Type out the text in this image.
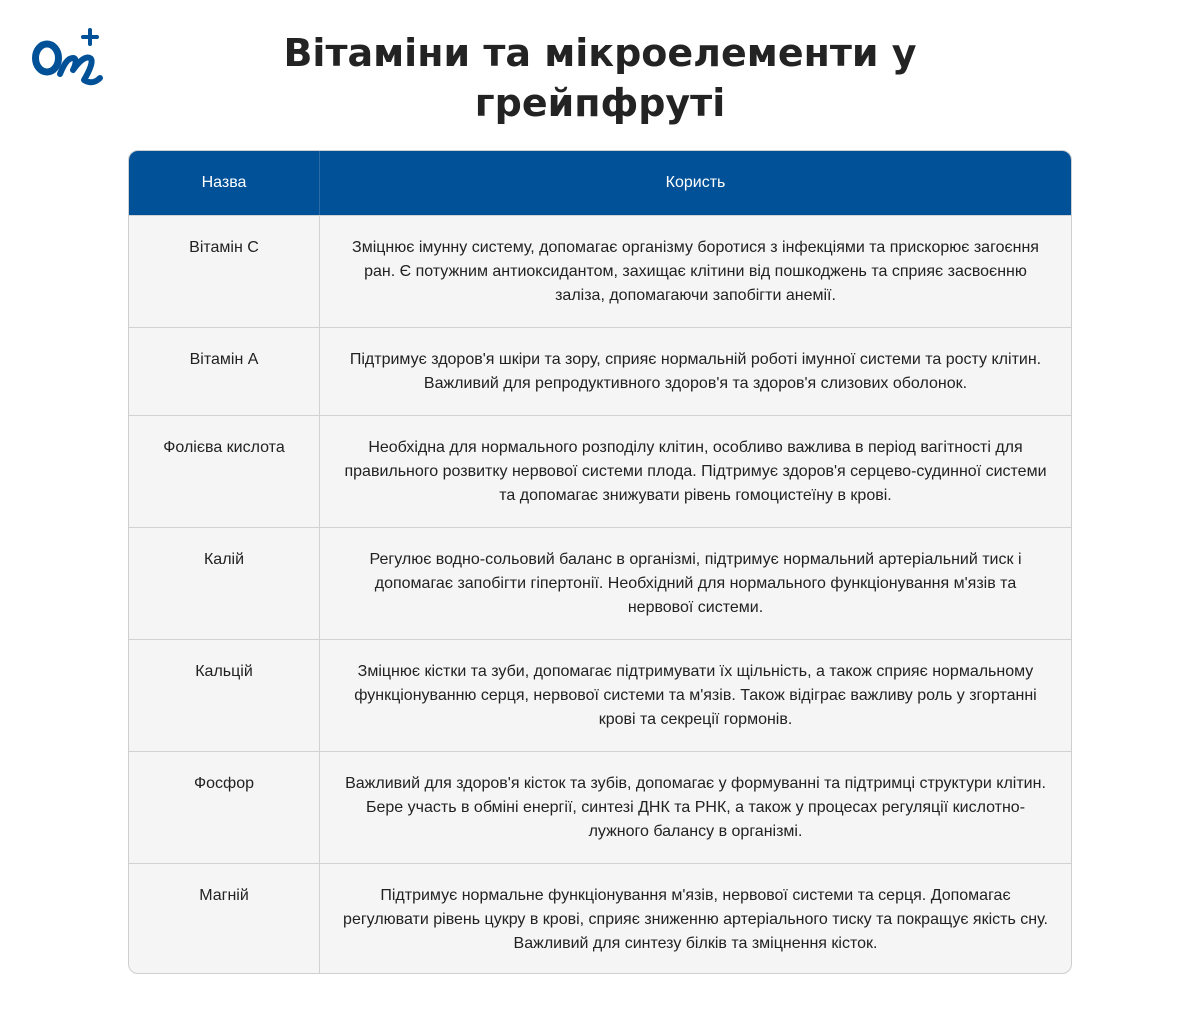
Вітаміни та мікроелементи у грейпфруті
Назва	Користь
Вітамін С	Зміцнює імунну систему, допомагає організму боротися з інфекціями та прискорює загоєння ран. Є потужним антиоксидантом, захищає клітини від пошкоджень та сприяє засвоєнню заліза, допомагаючи запобігти анемії.
Вітамін А	Підтримує здоров'я шкіри та зору, сприяє нормальній роботі імунної системи та росту клітин. Важливий для репродуктивного здоров'я та здоров'я слизових оболонок.
Фолієва кислота	Необхідна для нормального розподілу клітин, особливо важлива в період вагітності для правильного розвитку нервової системи плода. Підтримує здоров'я серцево-судинної системи та допомагає знижувати рівень гомоцистеїну в крові.
Калій	Регулює водно-сольовий баланс в організмі, підтримує нормальний артеріальний тиск і допомагає запобігти гіпертонії. Необхідний для нормального функціонування м'язів та нервової системи.
Кальцій	Зміцнює кістки та зуби, допомагає підтримувати їх щільність, а також сприяє нормальному функціонуванню серця, нервової системи та м'язів. Також відіграє важливу роль у згортанні крові та секреції гормонів.
Фосфор	Важливий для здоров'я кісток та зубів, допомагає у формуванні та підтримці структури клітин. Бере участь в обміні енергії, синтезі ДНК та РНК, а також у процесах регуляції кислотно-лужного балансу в організмі.
Магній	Підтримує нормальне функціонування м'язів, нервової системи та серця. Допомагає регулювати рівень цукру в крові, сприяє зниженню артеріального тиску та покращує якість сну. Важливий для синтезу білків та зміцнення кісток.
